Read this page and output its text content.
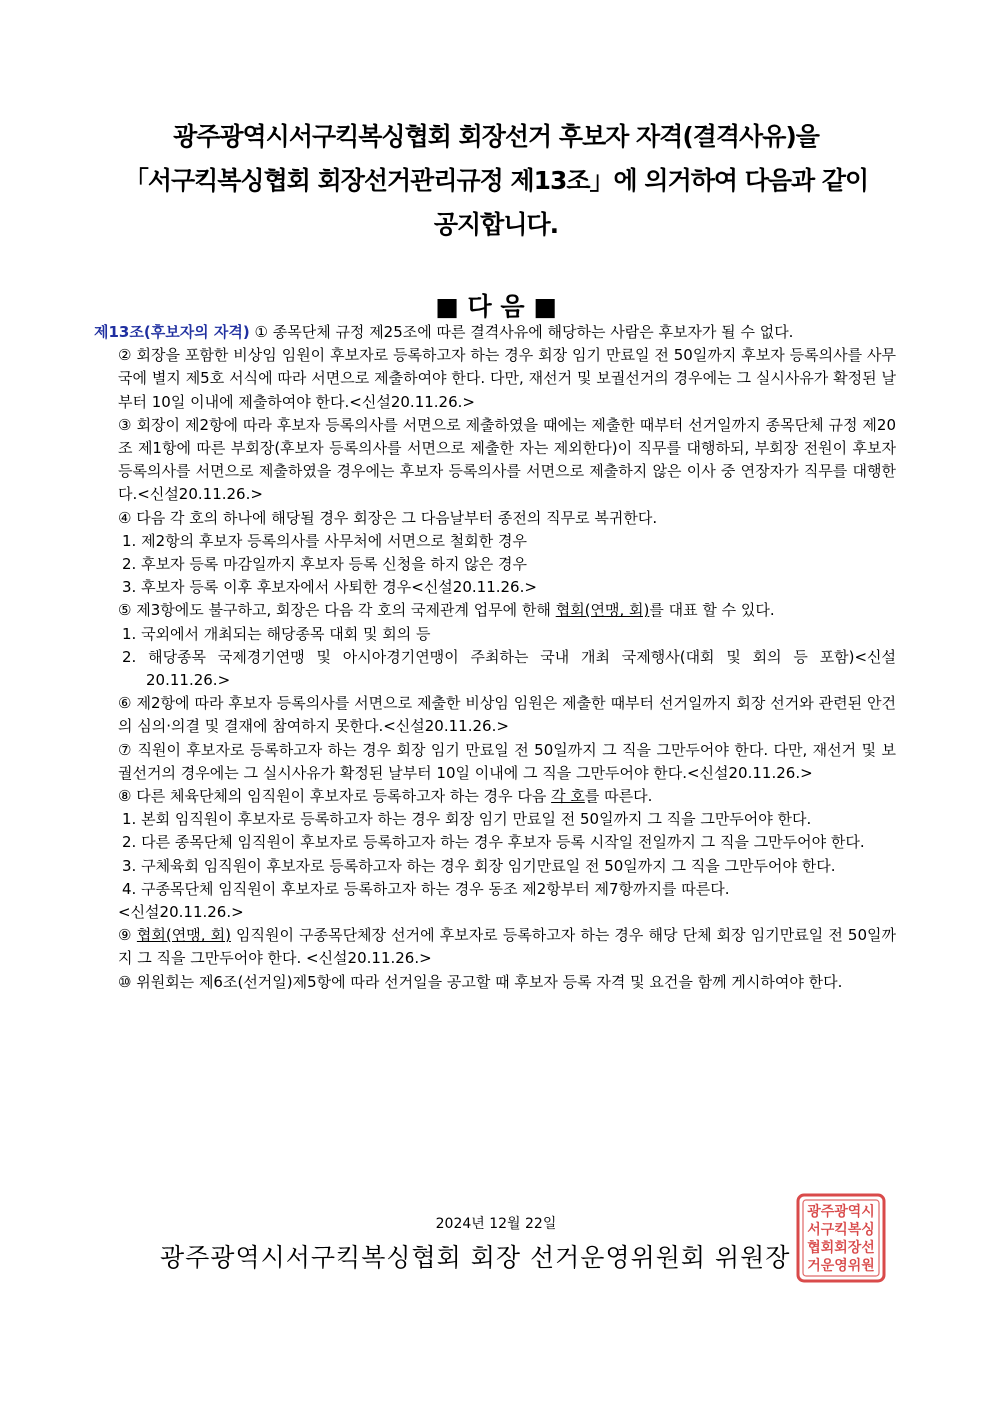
광주광역시서구킥복싱협회 회장선거 후보자 자격(결격사유)을
「서구킥복싱협회 회장선거관리규정 제13조」에 의거하여 다음과 같이
공지합니다.
■ 다 음 ■

제13조(후보자의 자격) ① 종목단체 규정 제25조에 따른 결격사유에 해당하는 사람은 후보자가 될 수 없다.

② 회장을 포함한 비상임 임원이 후보자로 등록하고자 하는 경우 회장 임기 만료일 전 50일까지 후보자 등록의사를 사무국에 별지 제5호 서식에 따라 서면으로 제출하여야 한다. 다만, 재선거 및 보궐선거의 경우에는 그 실시사유가 확정된 날부터 10일 이내에 제출하여야 한다.<신설20.11.26.>

③ 회장이 제2항에 따라 후보자 등록의사를 서면으로 제출하였을 때에는 제출한 때부터 선거일까지 종목단체 규정 제20조 제1항에 따른 부회장(후보자 등록의사를 서면으로 제출한 자는 제외한다)이 직무를 대행하되, 부회장 전원이 후보자 등록의사를 서면으로 제출하였을 경우에는 후보자 등록의사를 서면으로 제출하지 않은 이사 중 연장자가 직무를 대행한다.<신설20.11.26.>

④ 다음 각 호의 하나에 해당될 경우 회장은 그 다음날부터 종전의 직무로 복귀한다.

1. 제2항의 후보자 등록의사를 사무처에 서면으로 철회한 경우

2. 후보자 등록 마감일까지 후보자 등록 신청을 하지 않은 경우

3. 후보자 등록 이후 후보자에서 사퇴한 경우<신설20.11.26.>

⑤ 제3항에도 불구하고, 회장은 다음 각 호의 국제관계 업무에 한해 협회(연맹, 회)를 대표 할 수 있다.

1. 국외에서 개최되는 해당종목 대회 및 회의 등

2. 해당종목 국제경기연맹 및 아시아경기연맹이 주최하는 국내 개최 국제행사(대회 및 회의 등 포함)<신설20.11.26.>

⑥ 제2항에 따라 후보자 등록의사를 서면으로 제출한 비상임 임원은 제출한 때부터 선거일까지 회장 선거와 관련된 안건의 심의·의결 및 결재에 참여하지 못한다.<신설20.11.26.>

⑦ 직원이 후보자로 등록하고자 하는 경우 회장 임기 만료일 전 50일까지 그 직을 그만두어야 한다. 다만, 재선거 및 보궐선거의 경우에는 그 실시사유가 확정된 날부터 10일 이내에 그 직을 그만두어야 한다.<신설20.11.26.>

⑧ 다른 체육단체의 임직원이 후보자로 등록하고자 하는 경우 다음 각 호를 따른다.

1. 본회 임직원이 후보자로 등록하고자 하는 경우 회장 임기 만료일 전 50일까지 그 직을 그만두어야 한다.

2. 다른 종목단체 임직원이 후보자로 등록하고자 하는 경우 후보자 등록 시작일 전일까지 그 직을 그만두어야 한다.

3. 구체육회 임직원이 후보자로 등록하고자 하는 경우 회장 임기만료일 전 50일까지 그 직을 그만두어야 한다.

4. 구종목단체 임직원이 후보자로 등록하고자 하는 경우 동조 제2항부터 제7항까지를 따른다.

<신설20.11.26.>

⑨ 협회(연맹, 회) 임직원이 구종목단체장 선거에 후보자로 등록하고자 하는 경우 해당 단체 회장 임기만료일 전 50일까지 그 직을 그만두어야 한다. <신설20.11.26.>

⑩ 위원회는 제6조(선거일)제5항에 따라 선거일을 공고할 때 후보자 등록 자격 및 요건을 함께 게시하여야 한다.

2024년 12월 22일
광주광역시서구킥복싱협회 회장 선거운영위원회 위원장
광주광역시
서구킥복싱
협회회장선
거운영위원
